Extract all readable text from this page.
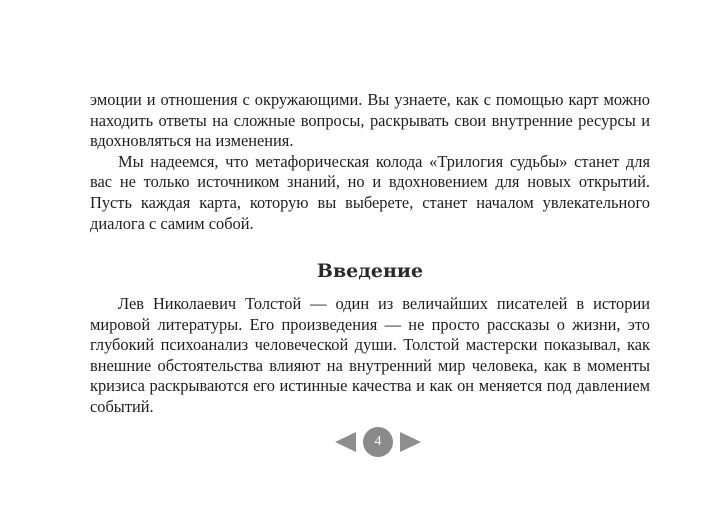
эмоции и отношения с окружающими. Вы узнаете, как с помощью карт можно находить ответы на сложные вопросы, раскрывать свои внутренние ресурсы и вдохновляться на изменения.

Мы надеемся, что метафорическая колода «Трилогия судьбы» станет для вас не только источником знаний, но и вдохновением для новых открытий. Пусть каждая карта, которую вы выберете, станет началом увлекательного диалога с самим собой.

Введение

Лев Николаевич Толстой — один из величайших писателей в истории мировой литературы. Его произведения — не просто рассказы о жизни, это глубокий психоанализ человеческой души. Толстой мастерски показывал, как внешние обстоятельства влияют на внутренний мир человека, как в моменты кризиса раскрываются его истинные качества и как он меняется под давлением событий.

4
